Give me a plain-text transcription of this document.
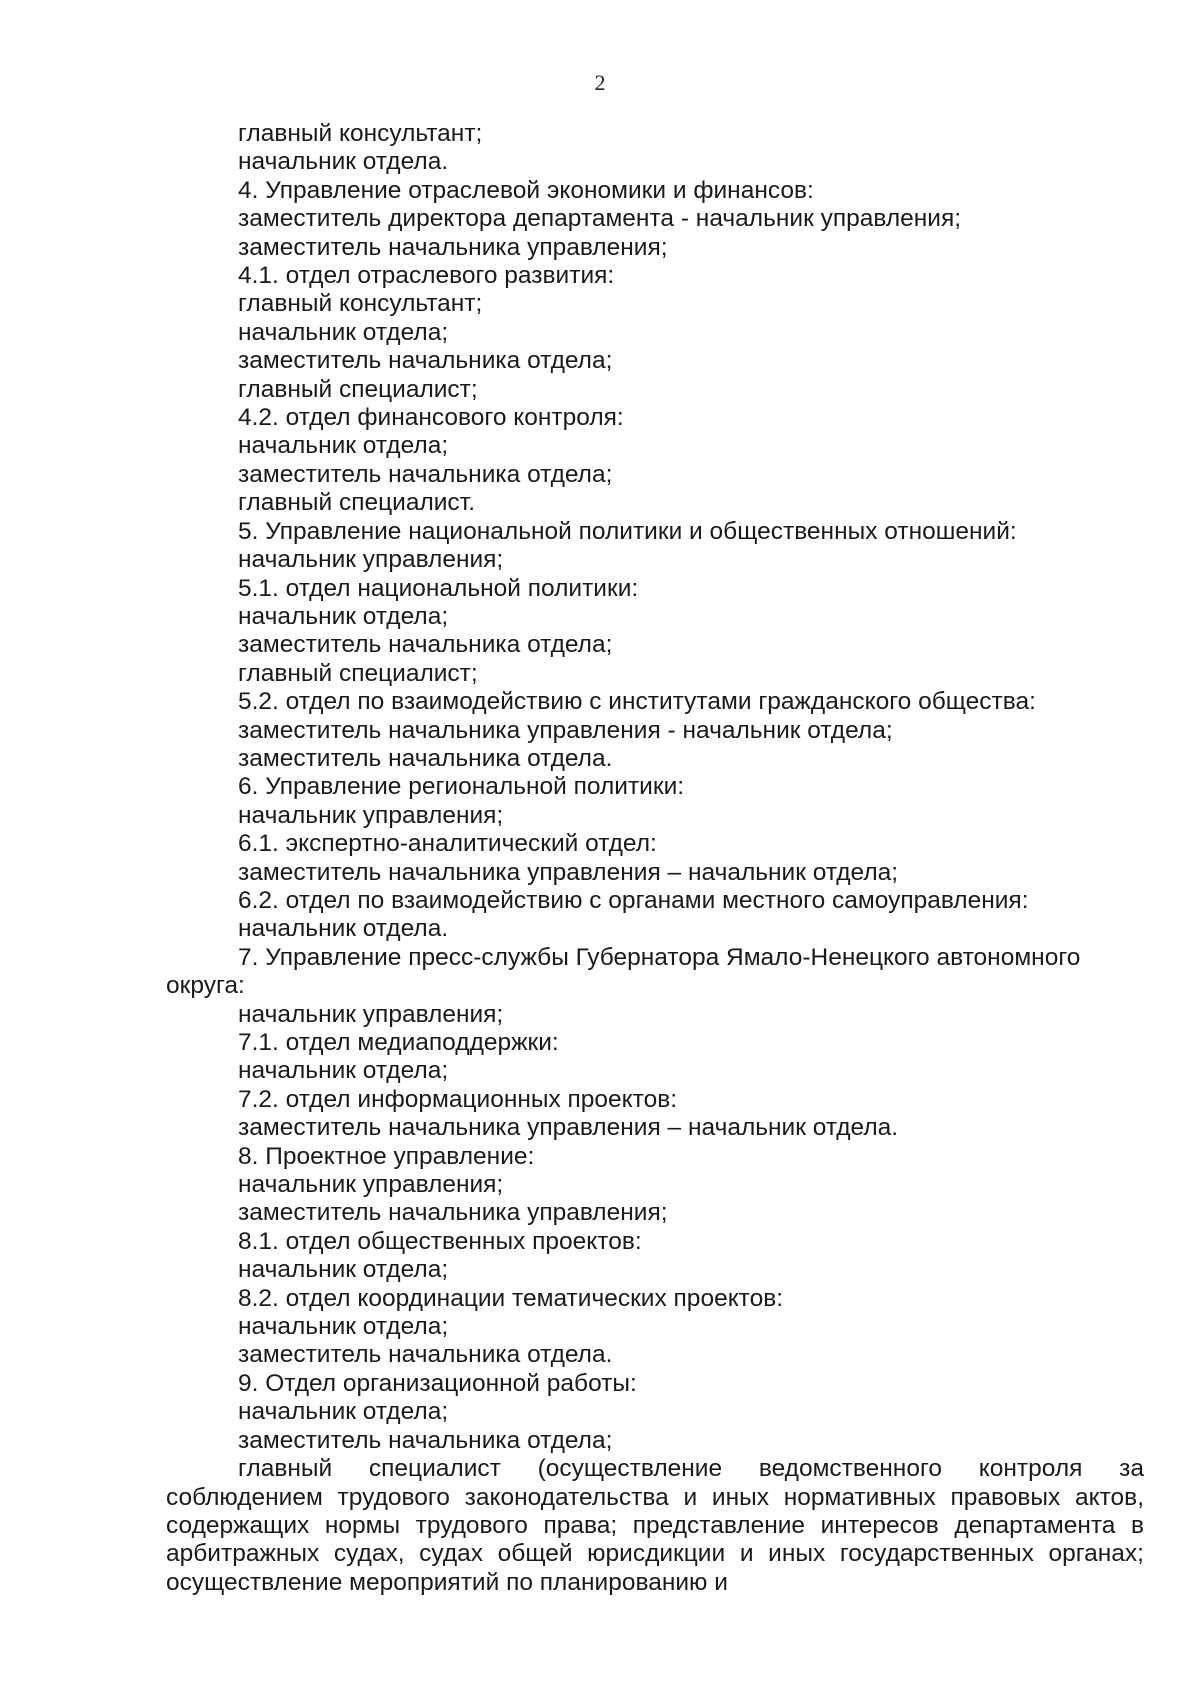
2

главный консультант;

начальник отдела.

4. Управление отраслевой экономики и финансов:

заместитель директора департамента - начальник управления;

заместитель начальника управления;

4.1. отдел отраслевого развития:

главный консультант;

начальник отдела;

заместитель начальника отдела;

главный специалист;

4.2. отдел финансового контроля:

начальник отдела;

заместитель начальника отдела;

главный специалист.

5. Управление национальной политики и общественных отношений:

начальник управления;

5.1. отдел национальной политики:

начальник отдела;

заместитель начальника отдела;

главный специалист;

5.2. отдел по взаимодействию с институтами гражданского общества:

заместитель начальника управления - начальник отдела;

заместитель начальника отдела.

6. Управление региональной политики:

начальник управления;

6.1. экспертно-аналитический отдел:

заместитель начальника управления – начальник отдела;

6.2. отдел по взаимодействию с органами местного самоуправления:

начальник отдела.

7. Управление пресс-службы Губернатора Ямало-Ненецкого автономного округа:

начальник управления;

7.1. отдел медиаподдержки:

начальник отдела;

7.2. отдел информационных проектов:

заместитель начальника управления – начальник отдела.

8. Проектное управление:

начальник управления;

заместитель начальника управления;

8.1. отдел общественных проектов:

начальник отдела;

8.2. отдел координации тематических проектов:

начальник отдела;

заместитель начальника отдела.

9. Отдел организационной работы:

начальник отдела;

заместитель начальника отдела;

главный специалист (осуществление ведомственного контроля за соблюдением трудового законодательства и иных нормативных правовых актов, содержащих нормы трудового права; представление интересов департамента в арбитражных судах, судах общей юрисдикции и иных государственных органах; осуществление мероприятий по планированию и
